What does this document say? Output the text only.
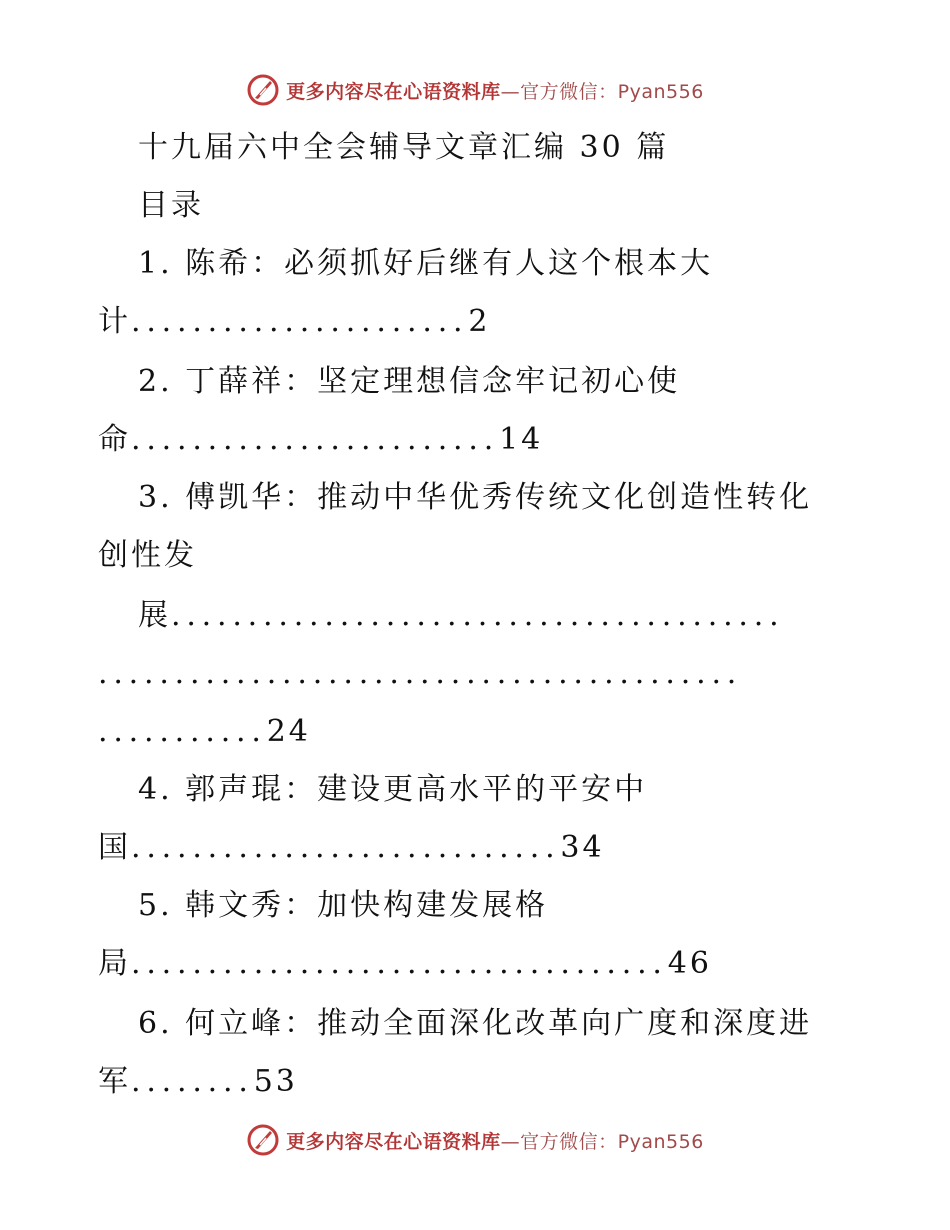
更多内容尽在心语资料库—官方微信：Pyan556
十九届六中全会辅导文章汇编 30 篇
目录
1. 陈希：必须抓好后继有人这个根本大
计......................2
2. 丁薛祥：坚定理想信念牢记初心使
命........................14
3. 傅凯华：推动中华优秀传统文化创造性转化
创性发
展........................................
..........................................
...........24
4. 郭声琨：建设更高水平的平安中
国............................34
5. 韩文秀：加快构建发展格
局...................................46
6. 何立峰：推动全面深化改革向广度和深度进
军........53
更多内容尽在心语资料库—官方微信：Pyan556
